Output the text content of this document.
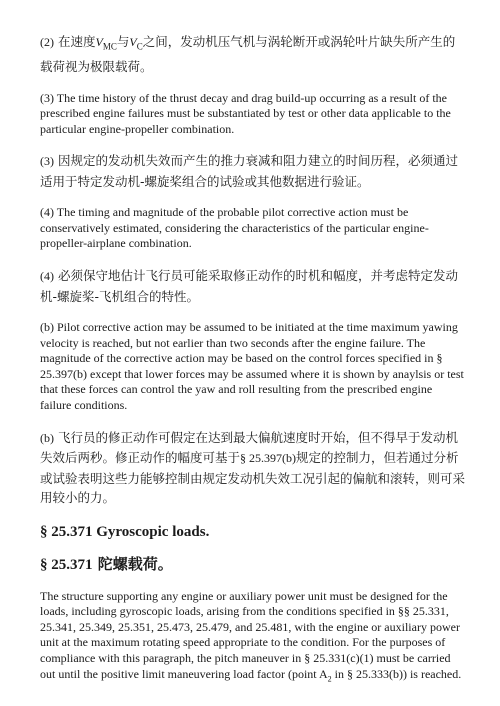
(2) 在速度$V_{MC}$与$V_C$之间，发动机压气机与涡轮断开或涡轮叶片缺失所产生的载荷视为极限载荷。

(3) The time history of the thrust decay and drag build-up occurring as a result of the prescribed engine failures must be substantiated by test or other data applicable to the particular engine-propeller combination.

(3) 因规定的发动机失效而产生的推力衰减和阻力建立的时间历程，必须通过适用于特定发动机-螺旋桨组合的试验或其他数据进行验证。

(4) The timing and magnitude of the probable pilot corrective action must be conservatively estimated, considering the characteristics of the particular engine-propeller-airplane combination.

(4) 必须保守地估计飞行员可能采取修正动作的时机和幅度，并考虑特定发动机-螺旋桨-飞机组合的特性。

(b) Pilot corrective action may be assumed to be initiated at the time maximum yawing velocity is reached, but not earlier than two seconds after the engine failure. The magnitude of the corrective action may be based on the control forces specified in § 25.397(b) except that lower forces may be assumed where it is shown by anaylsis or test that these forces can control the yaw and roll resulting from the prescribed engine failure conditions.

(b) 飞行员的修正动作可假定在达到最大偏航速度时开始，但不得早于发动机失效后两秒。修正动作的幅度可基于§ 25.397(b)规定的控制力，但若通过分析或试验表明这些力能够控制由规定发动机失效工况引起的偏航和滚转，则可采用较小的力。

§ 25.371 Gyroscopic loads.
§ 25.371 陀螺载荷。

The structure supporting any engine or auxiliary power unit must be designed for the loads, including gyroscopic loads, arising from the conditions specified in §§ 25.331, 25.341, 25.349, 25.351, 25.473, 25.479, and 25.481, with the engine or auxiliary power unit at the maximum rotating speed appropriate to the condition. For the purposes of compliance with this paragraph, the pitch maneuver in § 25.331(c)(1) must be carried out until the positive limit maneuvering load factor (point $A_2$ in § 25.333(b)) is reached.
